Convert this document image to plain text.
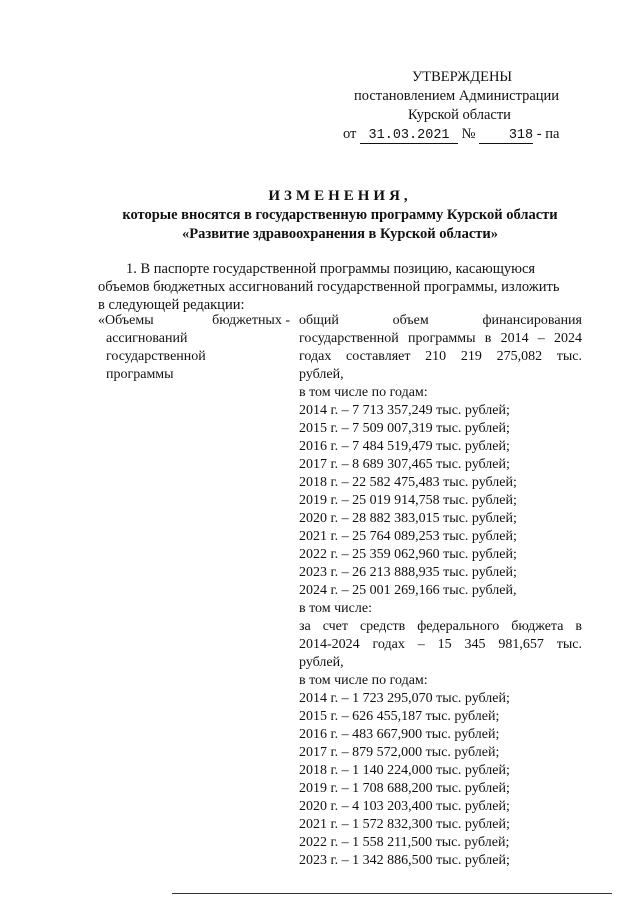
УТВЕРЖДЕНЫ
постановлением Администрации
Курской области
от 31.03.2021 № 318 - па
ИЗМЕНЕНИЯ,
которые вносятся в государственную программу Курской области
«Развитие здравоохранения в Курской области»
1. В паспорте государственной программы позицию, касающуюся
объемов бюджетных ассигнований государственной программы, изложить
в следующей редакции:
«Объемы	бюджетных -
ассигнований
государственной
программы
общий объем финансирования
государственной программы в 2014 – 2024
годах составляет 210 219 275,082 тыс.
рублей,
в том числе по годам:
2014 г. – 7 713 357,249 тыс. рублей;
2015 г. – 7 509 007,319 тыс. рублей;
2016 г. – 7 484 519,479 тыс. рублей;
2017 г. – 8 689 307,465 тыс. рублей;
2018 г. – 22 582 475,483 тыс. рублей;
2019 г. – 25 019 914,758 тыс. рублей;
2020 г. – 28 882 383,015 тыс. рублей;
2021 г. – 25 764 089,253 тыс. рублей;
2022 г. – 25 359 062,960 тыс. рублей;
2023 г. – 26 213 888,935 тыс. рублей;
2024 г. – 25 001 269,166 тыс. рублей,
в том числе:
за счет средств федерального бюджета в
2014-2024 годах – 15 345 981,657 тыс.
рублей,
в том числе по годам:
2014 г. – 1 723 295,070 тыс. рублей;
2015 г. – 626 455,187 тыс. рублей;
2016 г. – 483 667,900 тыс. рублей;
2017 г. – 879 572,000 тыс. рублей;
2018 г. – 1 140 224,000 тыс. рублей;
2019 г. – 1 708 688,200 тыс. рублей;
2020 г. – 4 103 203,400 тыс. рублей;
2021 г. – 1 572 832,300 тыс. рублей;
2022 г. – 1 558 211,500 тыс. рублей;
2023 г. – 1 342 886,500 тыс. рублей;
